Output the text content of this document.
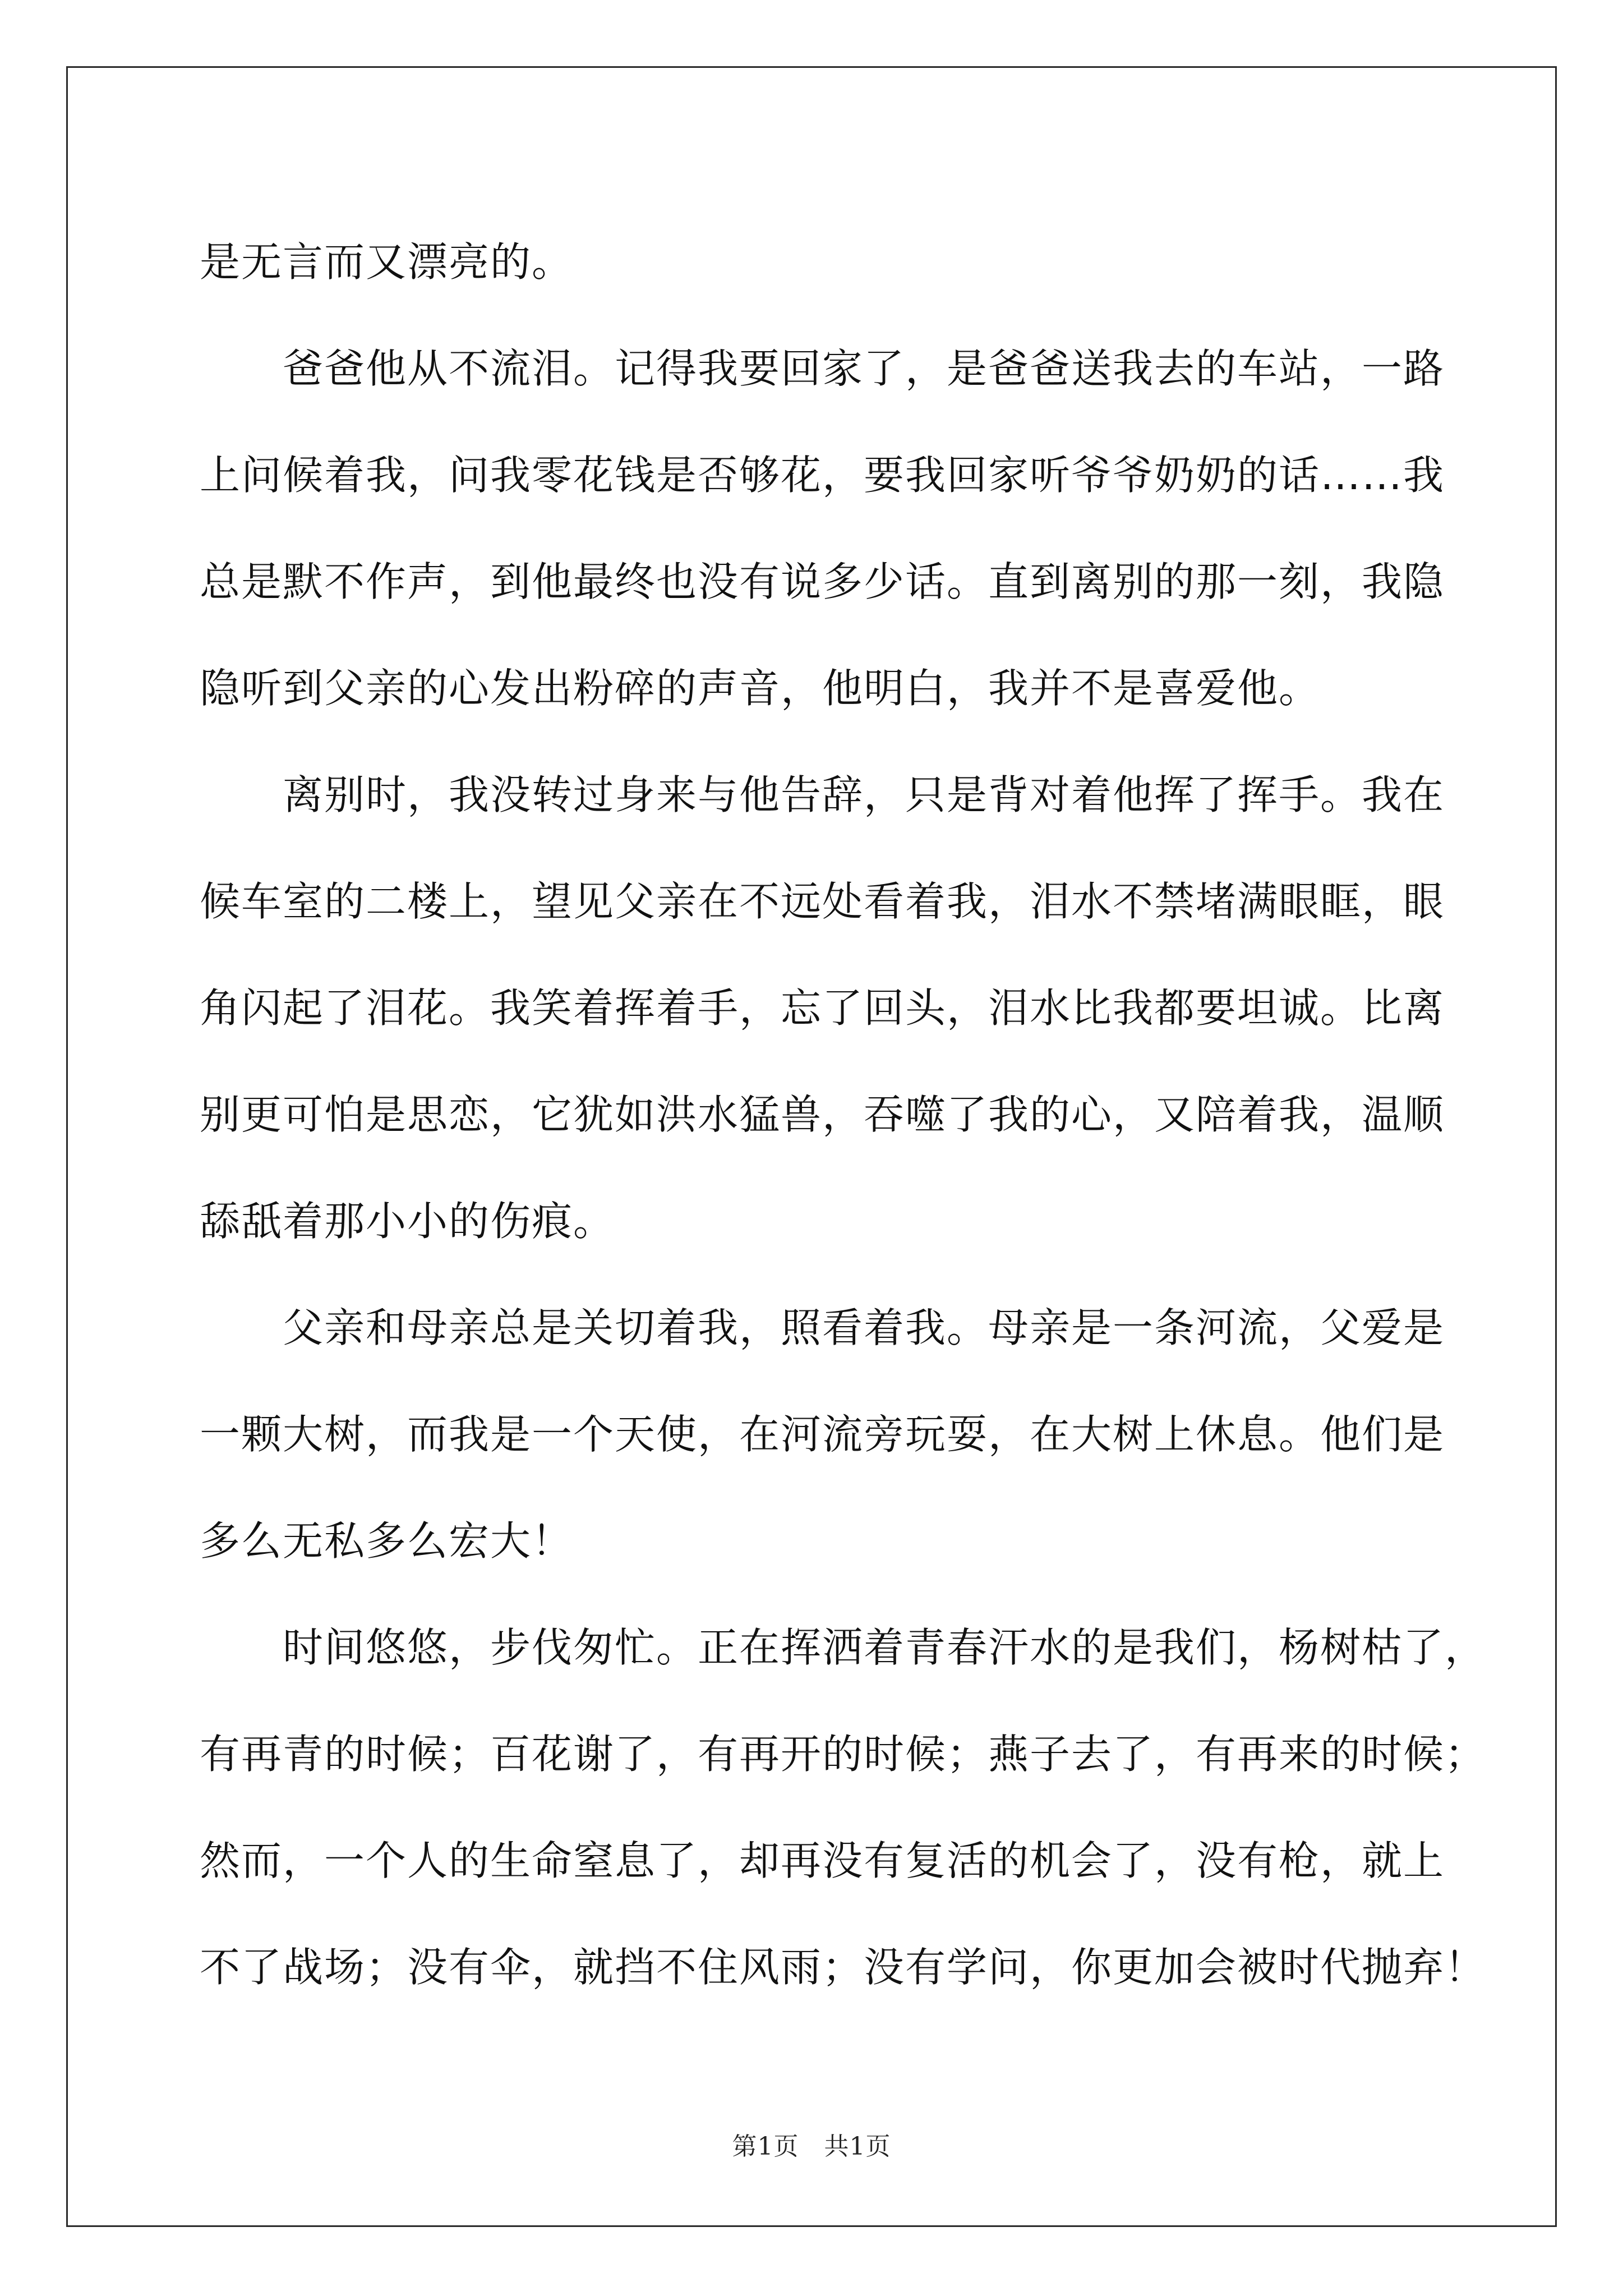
是无言而又漂亮的。
爸爸他从不流泪。记得我要回家了，是爸爸送我去的车站，一路
上问候着我，问我零花钱是否够花，要我回家听爷爷奶奶的话……我
总是默不作声，到他最终也没有说多少话。直到离别的那一刻，我隐
隐听到父亲的心发出粉碎的声音，他明白，我并不是喜爱他。
离别时，我没转过身来与他告辞，只是背对着他挥了挥手。我在
候车室的二楼上，望见父亲在不远处看着我，泪水不禁堵满眼眶，眼
角闪起了泪花。我笑着挥着手，忘了回头，泪水比我都要坦诚。比离
别更可怕是思恋，它犹如洪水猛兽，吞噬了我的心，又陪着我，温顺
舔舐着那小小的伤痕。
父亲和母亲总是关切着我，照看着我。母亲是一条河流，父爱是
一颗大树，而我是一个天使，在河流旁玩耍，在大树上休息。他们是
多么无私多么宏大！
时间悠悠，步伐匆忙。正在挥洒着青春汗水的是我们，杨树枯了，
有再青的时候；百花谢了，有再开的时候；燕子去了，有再来的时候；
然而，一个人的生命窒息了，却再没有复活的机会了，没有枪，就上
不了战场；没有伞，就挡不住风雨；没有学问，你更加会被时代抛弃！
第1页　共1页
